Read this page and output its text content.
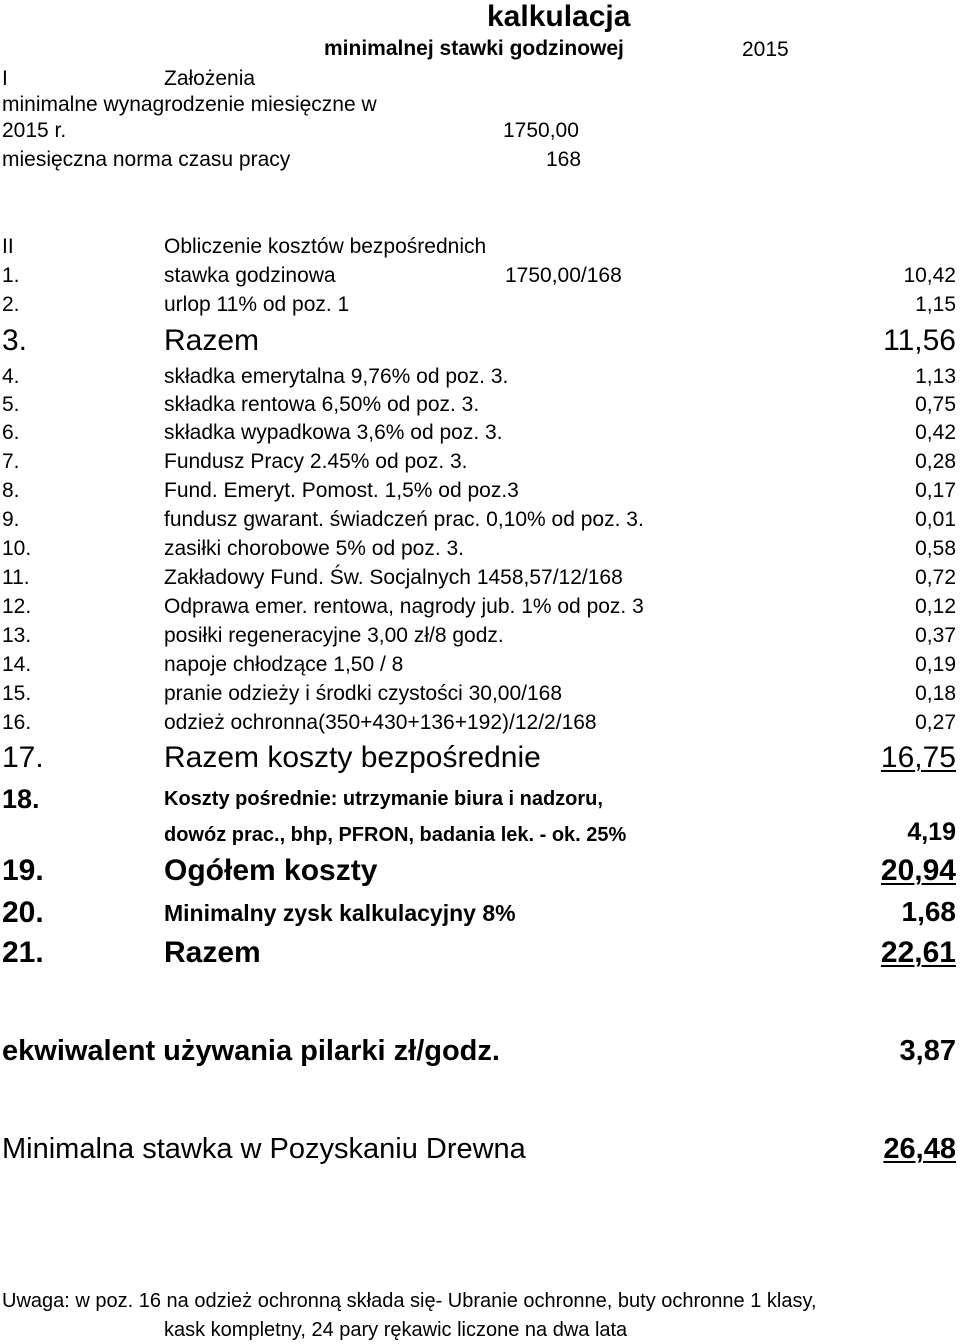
kalkulacja
minimalnej stawki godzinowej	2015
I	Założenia
minimalne wynagrodzenie miesięczne w
2015 r.	1750,00
miesięczna norma czasu pracy	168
II	Obliczenie kosztów bezpośrednich
1.	stawka godzinowa	1750,00/168	10,42
2.	urlop 11% od poz. 1	1,15
3.	Razem	11,56
4.	składka emerytalna 9,76% od poz. 3.	1,13
5.	składka rentowa 6,50% od poz. 3.	0,75
6.	składka wypadkowa 3,6% od poz. 3.	0,42
7.	Fundusz Pracy 2.45% od poz. 3.	0,28
8.	Fund. Emeryt. Pomost. 1,5% od poz.3	0,17
9.	fundusz gwarant. świadczeń prac. 0,10% od poz. 3.	0,01
10.	zasiłki chorobowe 5% od poz. 3.	0,58
11.	Zakładowy Fund. Św. Socjalnych 1458,57/12/168	0,72
12.	Odprawa emer. rentowa, nagrody jub. 1% od poz. 3	0,12
13.	posiłki regeneracyjne 3,00 zł/8 godz.	0,37
14.	napoje chłodzące 1,50 / 8	0,19
15.	pranie odzieży i środki czystości 30,00/168	0,18
16.	odzież ochronna(350+430+136+192)/12/2/168	0,27
17.	Razem koszty bezpośrednie	16,75
18.	Koszty pośrednie: utrzymanie biura i nadzoru,
dowóz prac., bhp, PFRON, badania lek. - ok. 25%	4,19
19.	Ogółem koszty	20,94
20.	Minimalny zysk kalkulacyjny 8%	1,68
21.	Razem	22,61
ekwiwalent używania pilarki zł/godz.	3,87
Minimalna stawka w Pozyskaniu Drewna	26,48
Uwaga: w poz. 16 na odzież ochronną składa się- Ubranie ochronne, buty ochronne 1 klasy,
kask kompletny, 24 pary rękawic liczone na dwa lata
